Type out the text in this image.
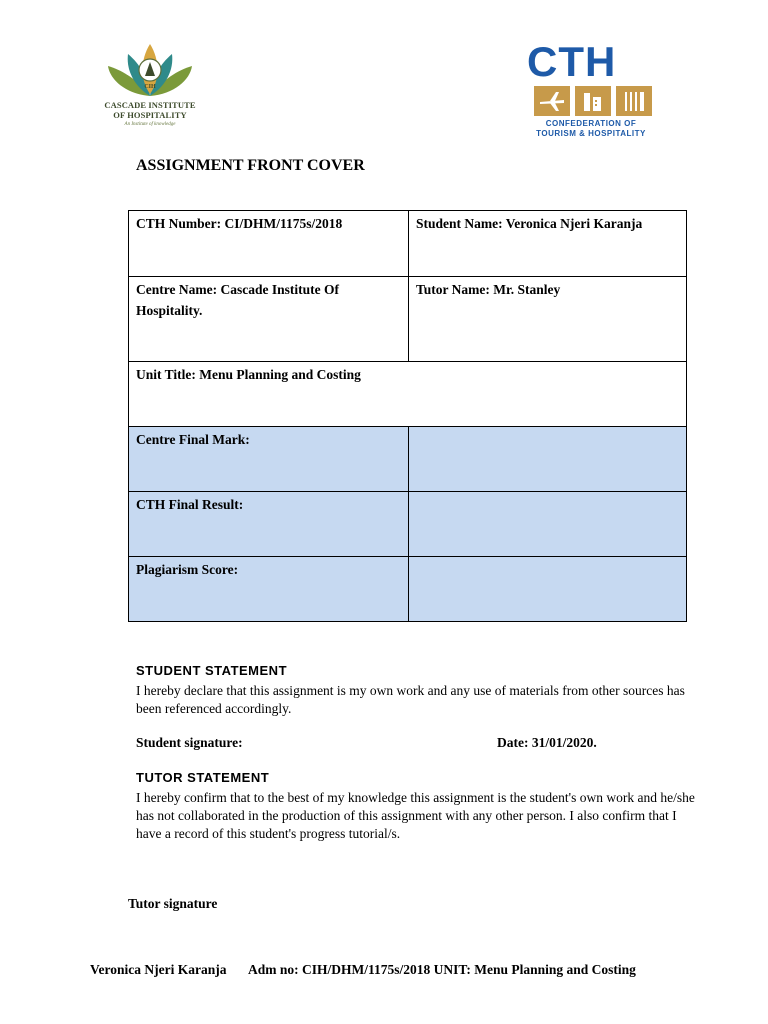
CIH
CASCADE INSTITUTE
OF HOSPITALITY
An Institute of knowledge
CTH
CONFEDERATION OF
TOURISM & HOSPITALITY
ASSIGNMENT FRONT COVER
CTH Number: CI/DHM/1175s/2018	Student Name: Veronica Njeri Karanja
Centre Name: Cascade Institute Of Hospitality.	Tutor Name: Mr. Stanley
Unit Title: Menu Planning and Costing	
Centre Final Mark:	
CTH Final Result:	
Plagiarism Score:	
STUDENT STATEMENT
I hereby declare that this assignment is my own work and any use of materials from other sources has been referenced accordingly.
Student signature:	Date: 31/01/2020.
TUTOR STATEMENT
I hereby confirm that to the best of my knowledge this assignment is the student's own work and he/she has not collaborated in the production of this assignment with any other person. I also confirm that I have a record of this student's progress tutorial/s.
Tutor signature
Veronica Njeri Karanja Adm no: CIH/DHM/1175s/2018 UNIT: Menu Planning and Costing
